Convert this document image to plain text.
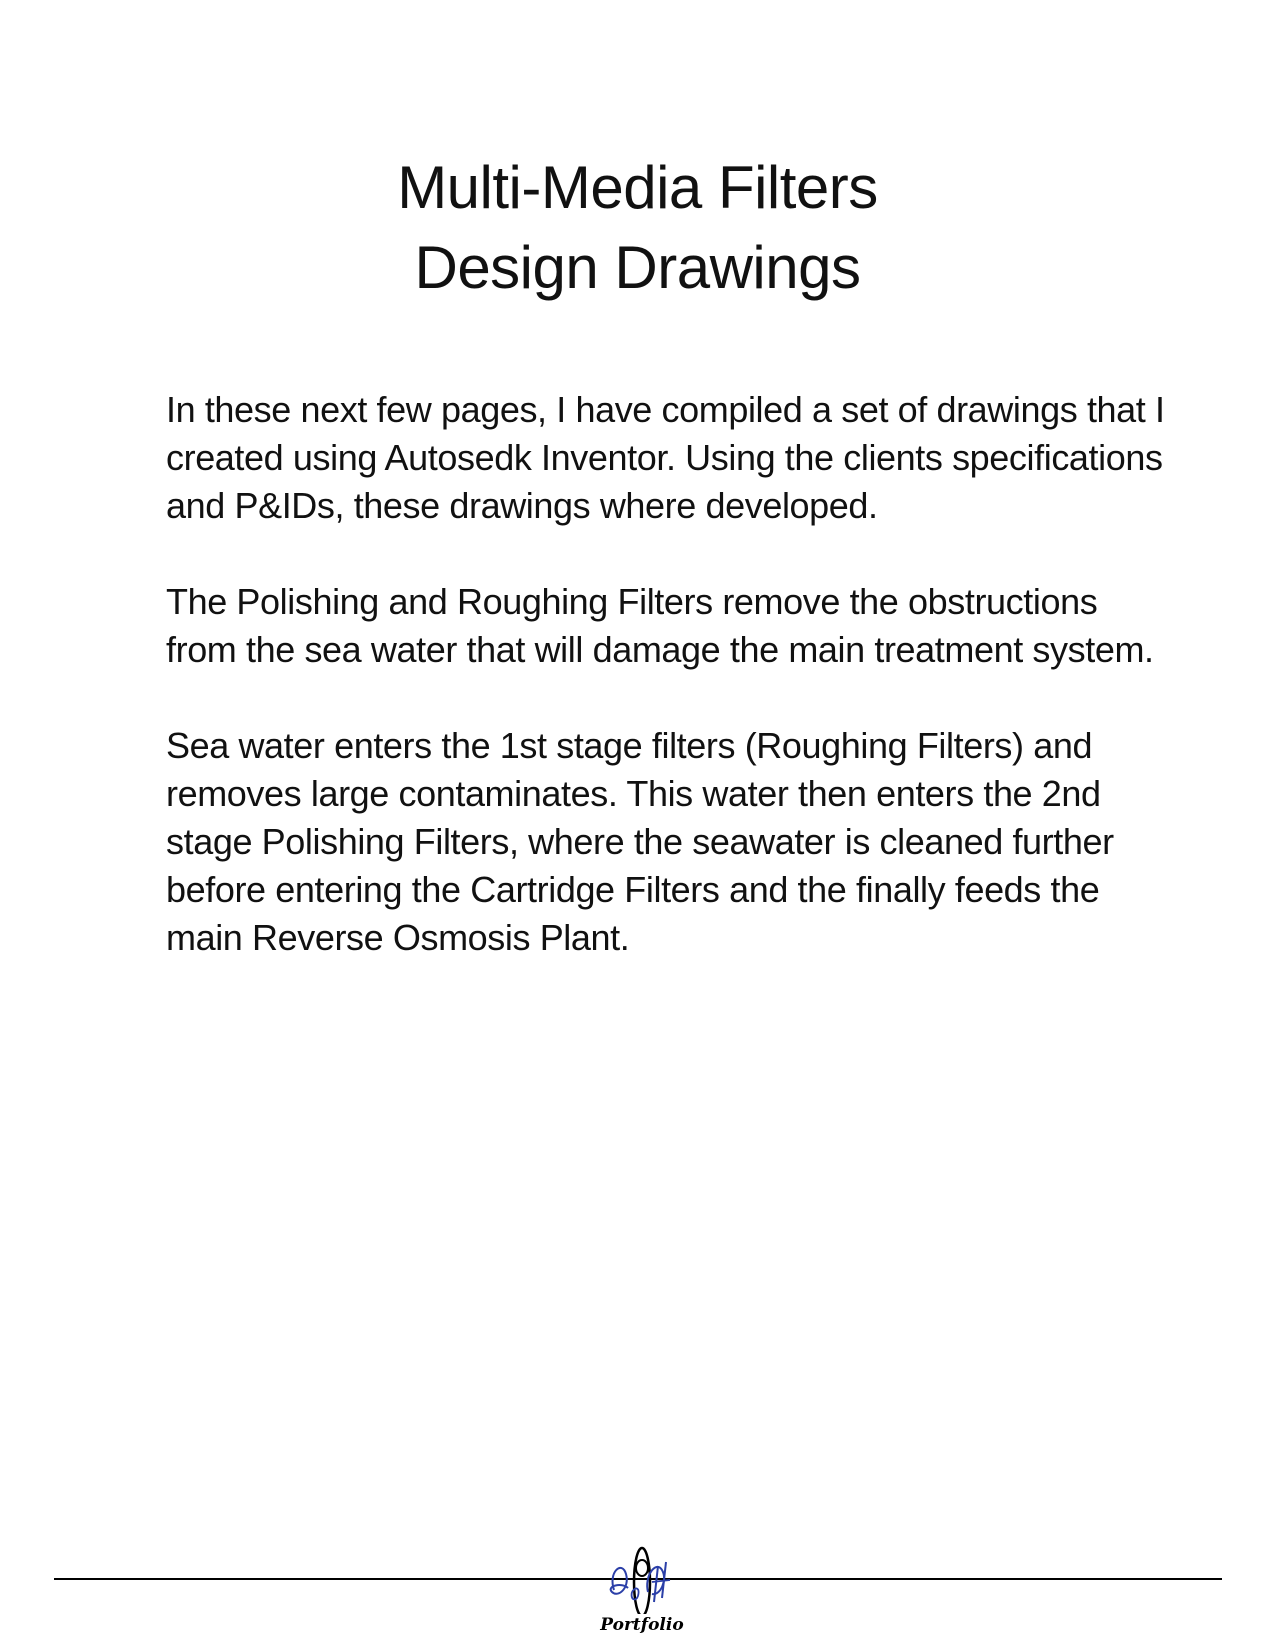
Multi-Media Filters
Design Drawings

In these next few pages, I have compiled a set of drawings that I created using Autosedk Inventor. Using the clients specifications and P&IDs, these drawings where developed.

The Polishing and Roughing Filters remove the obstructions from the sea water that will damage the main treatment system.

Sea water enters the 1st stage filters (Roughing Filters) and removes large contaminates. This water then enters the 2nd stage Polishing Filters, where the seawater is cleaned further before entering the Cartridge Filters and the finally feeds the main Reverse Osmosis Plant.

Portfolio
